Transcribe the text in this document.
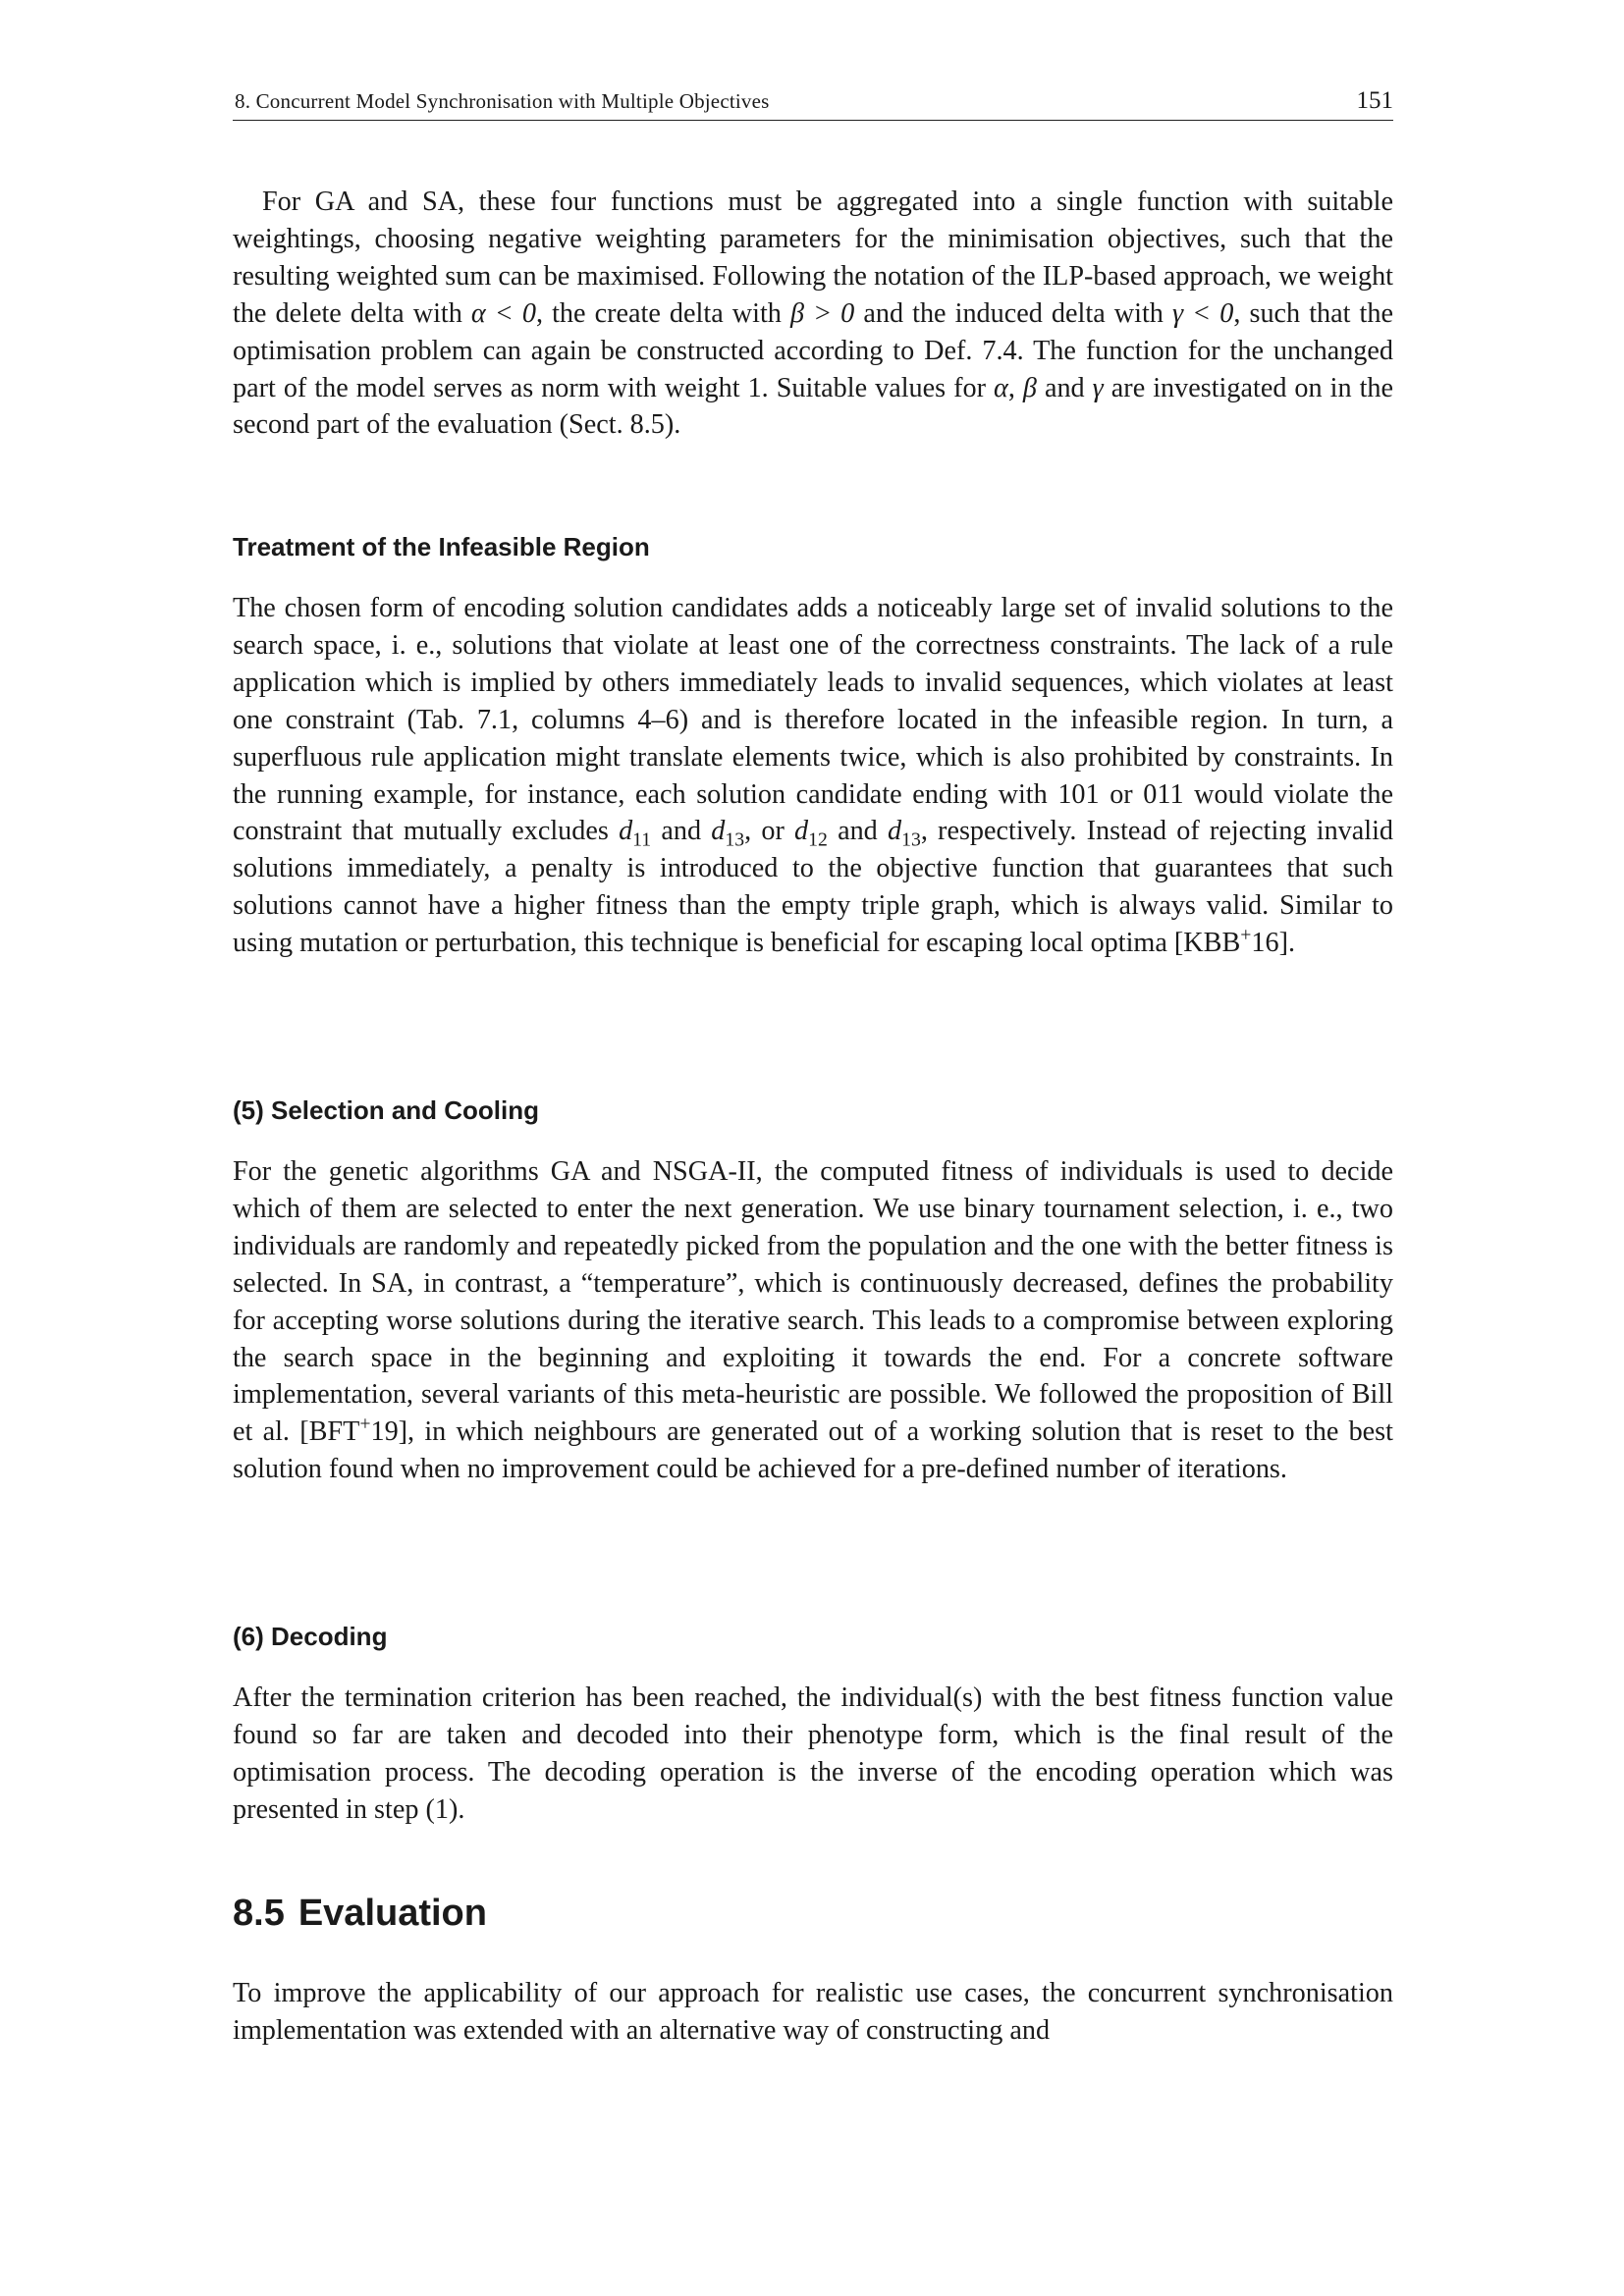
8. Concurrent Model Synchronisation with Multiple Objectives	151

For GA and SA, these four functions must be aggregated into a single function with suitable weightings, choosing negative weighting parameters for the minimisation objectives, such that the resulting weighted sum can be maximised. Following the notation of the ILP-based approach, we weight the delete delta with α < 0, the create delta with β > 0 and the induced delta with γ < 0, such that the optimisation problem can again be constructed according to Def. 7.4. The function for the unchanged part of the model serves as norm with weight 1. Suitable values for α, β and γ are investigated on in the second part of the evaluation (Sect. 8.5).

Treatment of the Infeasible Region

The chosen form of encoding solution candidates adds a noticeably large set of invalid solutions to the search space, i. e., solutions that violate at least one of the correctness constraints. The lack of a rule application which is implied by others immediately leads to invalid sequences, which violates at least one constraint (Tab. 7.1, columns 4–6) and is therefore located in the infeasible region. In turn, a superfluous rule application might translate elements twice, which is also prohibited by constraints. In the running example, for instance, each solution candidate ending with 101 or 011 would violate the constraint that mutually excludes $d_{11}$ and $d_{13}$, or $d_{12}$ and $d_{13}$, respectively. Instead of rejecting invalid solutions immediately, a penalty is introduced to the objective function that guarantees that such solutions cannot have a higher fitness than the empty triple graph, which is always valid. Similar to using mutation or perturbation, this technique is beneficial for escaping local optima [KBB+16].

(5) Selection and Cooling

For the genetic algorithms GA and NSGA-II, the computed fitness of individuals is used to decide which of them are selected to enter the next generation. We use binary tournament selection, i. e., two individuals are randomly and repeatedly picked from the population and the one with the better fitness is selected. In SA, in contrast, a “temperature”, which is continuously decreased, defines the probability for accepting worse solutions during the iterative search. This leads to a compromise between exploring the search space in the beginning and exploiting it towards the end. For a concrete software implementation, several variants of this meta-heuristic are possible. We followed the proposition of Bill et al. [BFT+19], in which neighbours are generated out of a working solution that is reset to the best solution found when no improvement could be achieved for a pre-defined number of iterations.

(6) Decoding

After the termination criterion has been reached, the individual(s) with the best fitness function value found so far are taken and decoded into their phenotype form, which is the final result of the optimisation process. The decoding operation is the inverse of the encoding operation which was presented in step (1).

8.5 Evaluation

To improve the applicability of our approach for realistic use cases, the concurrent synchronisation implementation was extended with an alternative way of constructing and
